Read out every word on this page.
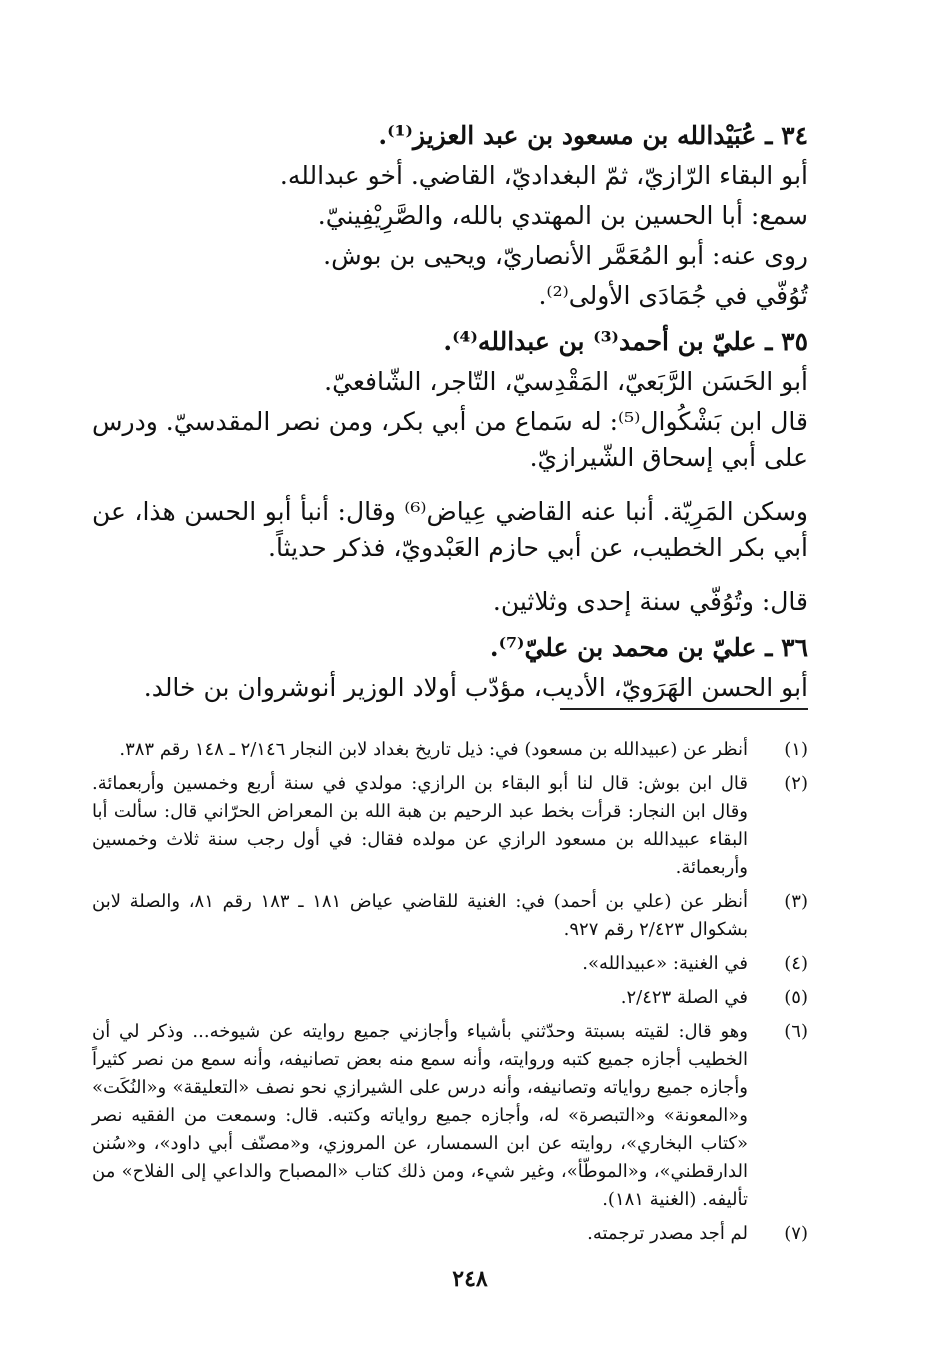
٣٤ ـ عُبَيْدالله بن مسعود بن عبد العزيز⁽¹⁾.
أبو البقاء الرّازيّ، ثمّ البغداديّ، القاضي. أخو عبدالله.
سمع: أبا الحسين بن المهتدي بالله، والصَّرِيْفِينيّ.
روى عنه: أبو المُعَمَّر الأنصاريّ، ويحيى بن بوش.
تُوُفّي في جُمَادَى الأولى⁽²⁾.
٣٥ ـ عليّ بن أحمد⁽³⁾ بن عبدالله⁽⁴⁾.
أبو الحَسَن الرَّبَعيّ، المَقْدِسيّ، التّاجر، الشّافعيّ.
قال ابن بَشْكُوال⁽⁵⁾: له سَماع من أبي بكر، ومن نصر المقدسيّ. ودرس على أبي إسحاق الشّيرازيّ.
وسكن المَرِيّة. أنبا عنه القاضي عِياض⁽⁶⁾ وقال: أنبأ أبو الحسن هذا، عن أبي بكر الخطيب، عن أبي حازم العَبْدويّ، فذكر حديثاً.
قال: وتُوُفّي سنة إحدى وثلاثين.
٣٦ ـ عليّ بن محمد بن عليّ⁽⁷⁾.
أبو الحسن الهَرَويّ، الأديب، مؤدّب أولاد الوزير أنوشروان بن خالد.
(١)
أنظر عن (عبيدالله بن مسعود) في: ذيل تاريخ بغداد لابن النجار ٢/١٤٦ ـ ١٤٨ رقم ٣٨٣.
(٢)
قال ابن بوش: قال لنا أبو البقاء بن الرازي: مولدي في سنة أربع وخمسين وأربعمائة. وقال ابن النجار: قرأت بخط عبد الرحيم بن هبة الله بن المعراض الحرّاني قال: سألت أبا البقاء عبيدالله بن مسعود الرازي عن مولده فقال: في أول رجب سنة ثلاث وخمسين وأربعمائة.
(٣)
أنظر عن (علي بن أحمد) في: الغنية للقاضي عياض ١٨١ ـ ١٨٣ رقم ٨١، والصلة لابن بشكوال ٢/٤٢٣ رقم ٩٢٧.
(٤)
في الغنية: «عبيدالله».
(٥)
في الصلة ٢/٤٢٣.
(٦)
وهو قال: لقيته بسبتة وحدّثني بأشياء وأجازني جميع روايته عن شيوخه... وذكر لي أن الخطيب أجازه جميع كتبه وروايته، وأنه سمع منه بعض تصانيفه، وأنه سمع من نصر كثيراً وأجازه جميع رواياته وتصانيفه، وأنه درس على الشيرازي نحو نصف «التعليقة» و«النُكَت» و«المعونة» و«التبصرة» له، وأجازه جميع رواياته وكتبه. قال: وسمعت من الفقيه نصر «كتاب البخاري»، روايته عن ابن السمسار، عن المروزي، و«مصنّف أبي داود»، و«سُنن الدارقطني»، و«الموطّأ»، وغير شيء، ومن ذلك كتاب «المصباح والداعي إلى الفلاح» من تأليفه. (الغنية ١٨١).
(٧)
لم أجد مصدر ترجمته.
٢٤٨
